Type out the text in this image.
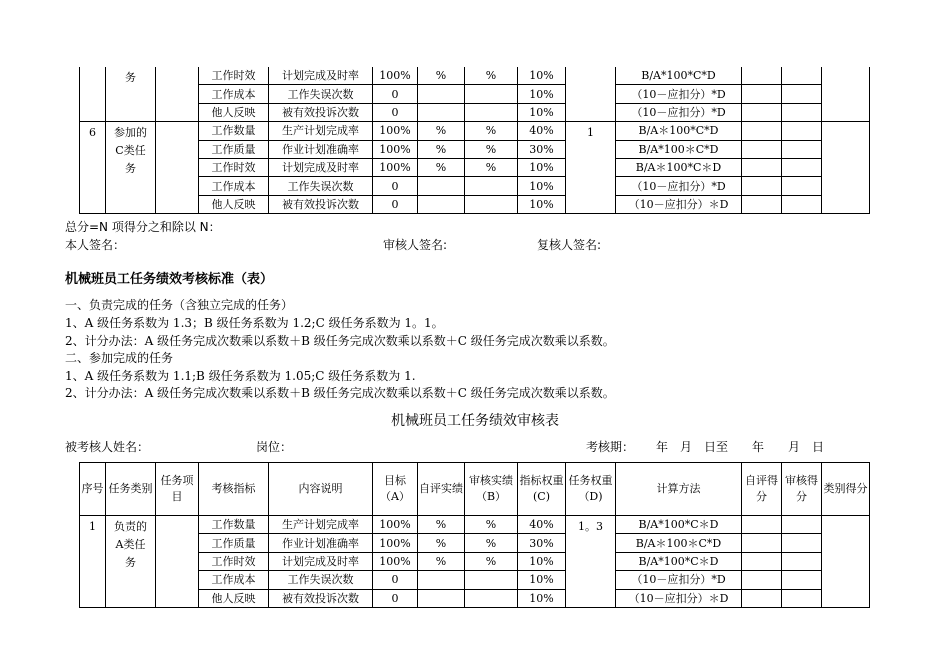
	务		工作时效	计划完成及时率	100%	%	%	10%		B/A*100*C*D			
			工作成本	工作失误次数	0			10%		（10－应扣分）*D			
			他人反映	被有效投诉次数	0			10%		（10－应扣分）*D			
6	参加的C类任务		工作数量	生产计划完成率	100%	%	%	40%	1	B/A＊100*C*D			
			工作质量	作业计划准确率	100%	%	%	30%		B/A*100＊C*D			
			工作时效	计划完成及时率	100%	%	%	10%		B/A＊100*C＊D			
			工作成本	工作失误次数	0			10%		（10－应扣分）*D			
			他人反映	被有效投诉次数	0			10%		（10－应扣分）＊D			
总分=N 项得分之和除以 N：
本人签名：	审核人签名:	复核人签名:
机械班员工任务绩效考核标准（表）
一、负责完成的任务（含独立完成的任务）
1、A 级任务系数为 1.3；B 级任务系数为 1.2;C 级任务系数为 1。1。
2、计分办法：A 级任务完成次数乘以系数＋B 级任务完成次数乘以系数＋C 级任务完成次数乘以系数。
二、参加完成的任务
1、A 级任务系数为 1.1;B 级任务系数为 1.05;C 级任务系数为 1.
2、计分办法：A 级任务完成次数乘以系数＋B 级任务完成次数乘以系数＋C 级任务完成次数乘以系数。
机械班员工任务绩效审核表
被考核人姓名：	岗位：	考核期： 年　月　日至　　年　　月　日
序号	任务类别	任务项目	考核指标	内容说明	目标（A）	自评实绩	审核实绩（B）	指标权重(C)	任务权重（D)	计算方法	自评得分	审核得分	类别得分
1	负责的A类任务		工作数量	生产计划完成率	100%	%	%	40%	1。3	B/A*100*C＊D			
			工作质量	作业计划准确率	100%	%	%	30%		B/A＊100＊C*D			
			工作时效	计划完成及时率	100%	%	%	10%		B/A*100*C＊D			
			工作成本	工作失误次数	0			10%		（10－应扣分）*D			
			他人反映	被有效投诉次数	0			10%		（10－应扣分）＊D			
